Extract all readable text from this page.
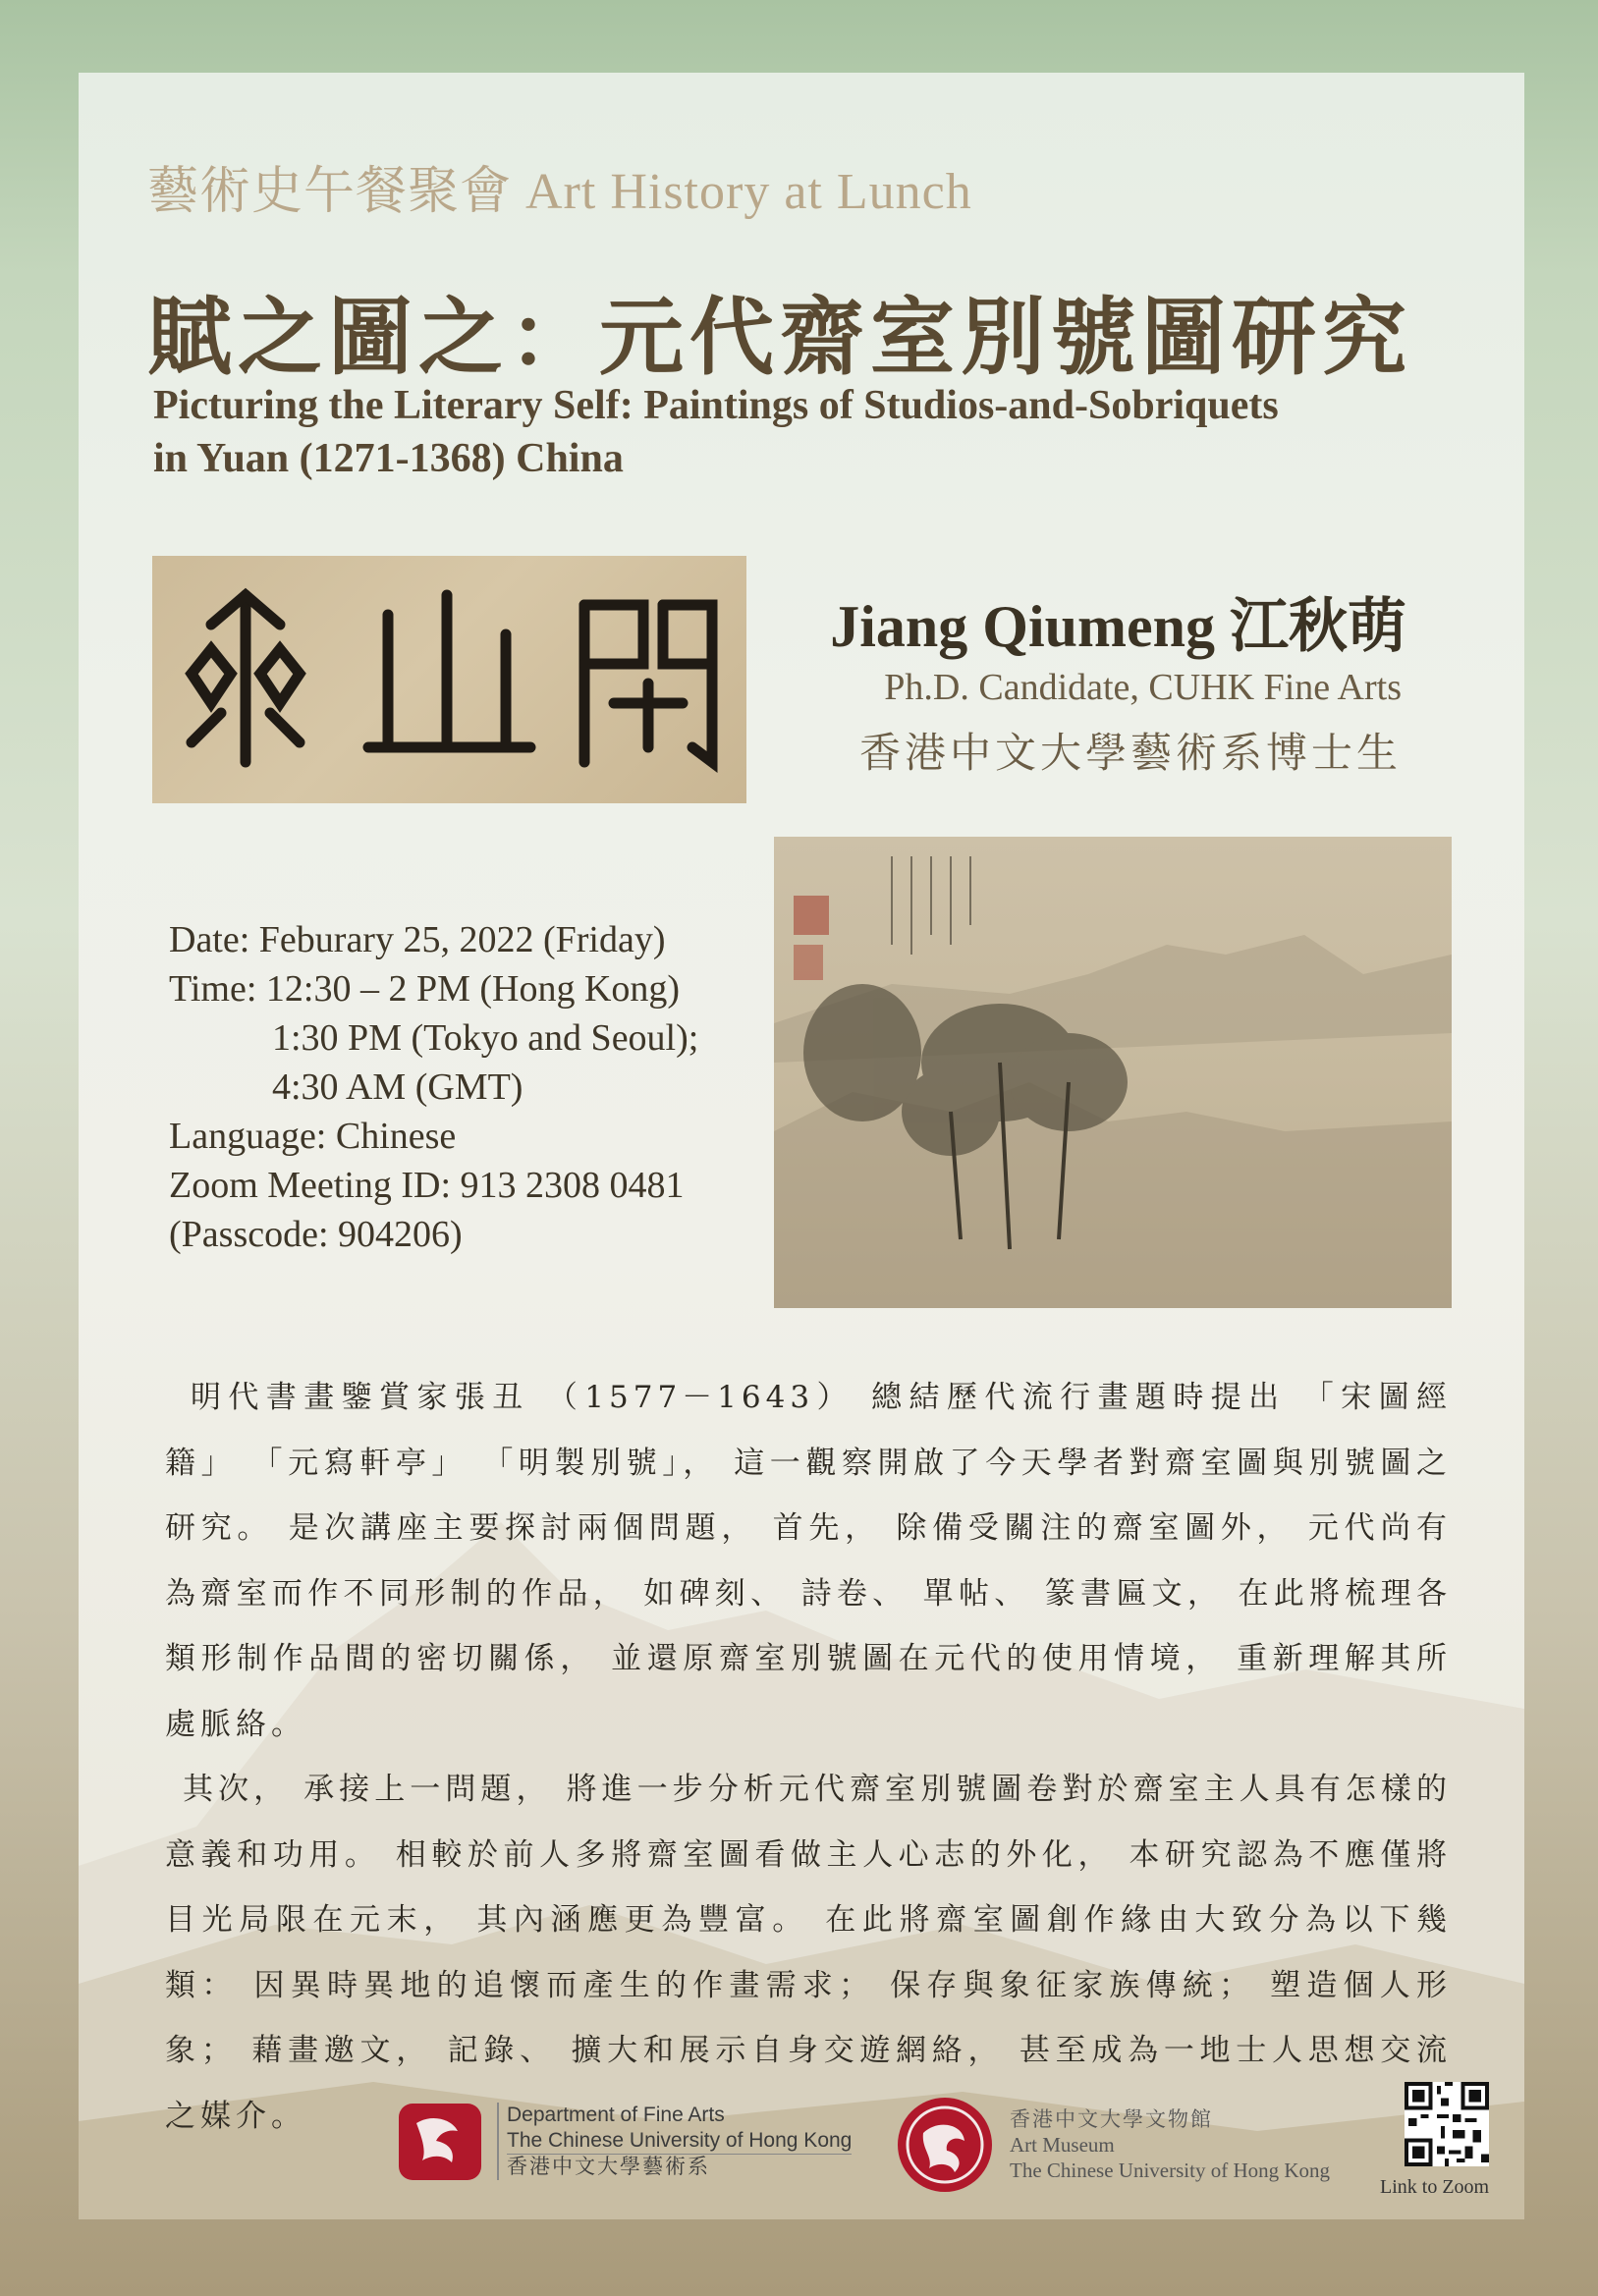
藝術史午餐聚會 Art History at Lunch
賦之圖之：元代齋室別號圖研究
Picturing the Literary Self: Paintings of Studios-and-Sobriquets
in Yuan (1271-1368) China
Jiang Qiumeng 江秋萌
Ph.D. Candidate, CUHK Fine Arts
香港中文大學藝術系博士生
Date: Feburary 25, 2022 (Friday)
Time: 12:30 – 2 PM (Hong Kong)
1:30 PM (Tokyo and Seoul);
4:30 AM (GMT)
Language: Chinese
Zoom Meeting ID: 913 2308 0481
(Passcode: 904206)

明代書畫鑒賞家張丑 （1577－1643） 總結歷代流行畫題時提出 「宋圖經籍」 「元寫軒亭」 「明製別號」， 這一觀察開啟了今天學者對齋室圖與別號圖之研究。 是次講座主要探討兩個問題， 首先， 除備受關注的齋室圖外， 元代尚有為齋室而作不同形制的作品， 如碑刻、 詩卷、 單帖、 篆書匾文， 在此將梳理各類形制作品間的密切關係， 並還原齋室別號圖在元代的使用情境， 重新理解其所處脈絡。

其次， 承接上一問題， 將進一步分析元代齋室別號圖卷對於齋室主人具有怎樣的意義和功用。 相較於前人多將齋室圖看做主人心志的外化， 本研究認為不應僅將目光局限在元末， 其內涵應更為豐富。 在此將齋室圖創作緣由大致分為以下幾類： 因異時異地的追懷而產生的作畫需求； 保存與象征家族傳統； 塑造個人形象； 藉畫邀文， 記錄、 擴大和展示自身交遊網絡， 甚至成為一地士人思想交流之媒介。	Department of Fine Arts
The Chinese University of Hong Kong
香港中文大學藝術系
香港中文大學文物館
Art Museum
The Chinese University of Hong Kong
Link to Zoom
